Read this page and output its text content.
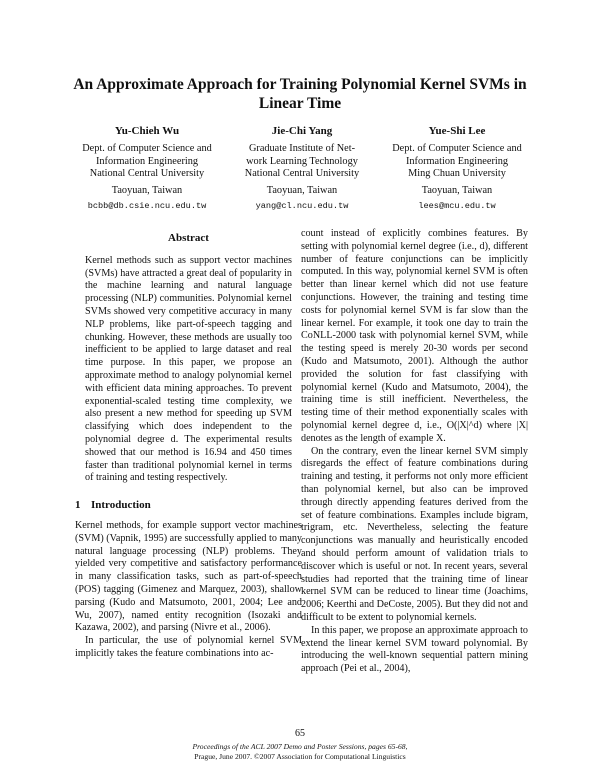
An Approximate Approach for Training Polynomial Kernel SVMs in Linear Time
Yu-Chieh Wu
Dept. of Computer Science and
Information Engineering
National Central University
Taoyuan, Taiwan
bcbb@db.csie.ncu.edu.tw
Jie-Chi Yang
Graduate Institute of Net-
work Learning Technology
National Central University
Taoyuan, Taiwan
yang@cl.ncu.edu.tw
Yue-Shi Lee
Dept. of Computer Science and
Information Engineering
Ming Chuan University
Taoyuan, Taiwan
lees@mcu.edu.tw
Abstract

Kernel methods such as support vector machines (SVMs) have attracted a great deal of popularity in the machine learning and natural language processing (NLP) communities. Polynomial kernel SVMs showed very competitive accuracy in many NLP problems, like part-of-speech tagging and chunking. However, these methods are usually too inefficient to be applied to large dataset and real time purpose. In this paper, we propose an approximate method to analogy polynomial kernel with efficient data mining approaches. To prevent exponential-scaled testing time complexity, we also present a new method for speeding up SVM classifying which does independent to the polynomial degree d. The experimental results showed that our method is 16.94 and 450 times faster than traditional polynomial kernel in terms of training and testing respectively.

1 Introduction

Kernel methods, for example support vector machines (SVM) (Vapnik, 1995) are successfully applied to many natural language processing (NLP) problems. They yielded very competitive and satisfactory performance in many classification tasks, such as part-of-speech (POS) tagging (Gimenez and Marquez, 2003), shallow parsing (Kudo and Matsumoto, 2001, 2004; Lee and Wu, 2007), named entity recognition (Isozaki and Kazawa, 2002), and parsing (Nivre et al., 2006).

In particular, the use of polynomial kernel SVM implicitly takes the feature combinations into ac-

count instead of explicitly combines features. By setting with polynomial kernel degree (i.e., d), different number of feature conjunctions can be implicitly computed. In this way, polynomial kernel SVM is often better than linear kernel which did not use feature conjunctions. However, the training and testing time costs for polynomial kernel SVM is far slow than the linear kernel. For example, it took one day to train the CoNLL-2000 task with polynomial kernel SVM, while the testing speed is merely 20-30 words per second (Kudo and Matsumoto, 2001). Although the author provided the solution for fast classifying with polynomial kernel (Kudo and Matsumoto, 2004), the training time is still inefficient. Nevertheless, the testing time of their method exponentially scales with polynomial kernel degree d, i.e., O(|X|^d) where |X| denotes as the length of example X.

On the contrary, even the linear kernel SVM simply disregards the effect of feature combinations during training and testing, it performs not only more efficient than polynomial kernel, but also can be improved through directly appending features derived from the set of feature combinations. Examples include bigram, trigram, etc. Nevertheless, selecting the feature conjunctions was manually and heuristically encoded and should perform amount of validation trials to discover which is useful or not. In recent years, several studies had reported that the training time of linear kernel SVM can be reduced to linear time (Joachims, 2006; Keerthi and DeCoste, 2005). But they did not and difficult to be extent to polynomial kernels.

In this paper, we propose an approximate approach to extend the linear kernel SVM toward polynomial. By introducing the well-known sequential pattern mining approach (Pei et al., 2004),

65
Proceedings of the ACL 2007 Demo and Poster Sessions, pages 65-68,
Prague, June 2007. ©2007 Association for Computational Linguistics
